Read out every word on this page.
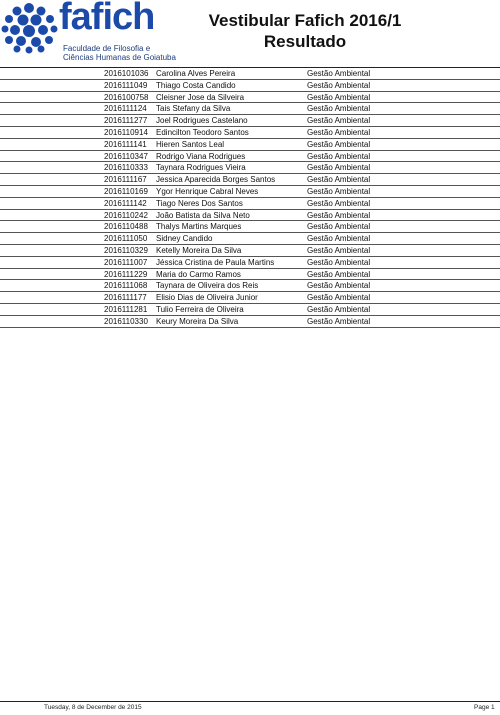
fafich
Faculdade de Filosofia e
Ciências Humanas de Goiatuba
Vestibular Fafich 2016/1
Resultado
2016101036 Carolina Alves Pereira	Gestão Ambiental
2016111049 Thiago Costa Candido	Gestão Ambiental
2016100758 Cleisner Jose da Silveira	Gestão Ambiental
2016111124 Tais Stefany da Silva	Gestão Ambiental
2016111277 Joel Rodrigues Castelano	Gestão Ambiental
2016110914 Edincilton Teodoro Santos	Gestão Ambiental
2016111141 Hieren Santos Leal	Gestão Ambiental
2016110347 Rodrigo Viana Rodrigues	Gestão Ambiental
2016110333 Taynara Rodrigues Vieira	Gestão Ambiental
2016111167 Jessica Aparecida Borges Santos	Gestão Ambiental
2016110169 Ygor Henrique Cabral Neves	Gestão Ambiental
2016111142 Tiago Neres Dos Santos	Gestão Ambiental
2016110242 João Batista da Silva Neto	Gestão Ambiental
2016110488 Thalys Martins Marques	Gestão Ambiental
2016111050 Sidney Candido	Gestão Ambiental
2016110329 Ketelly Moreira Da Silva	Gestão Ambiental
2016111007 Jéssica Cristina de Paula Martins	Gestão Ambiental
2016111229 Maria do Carmo Ramos	Gestão Ambiental
2016111068 Taynara de Oliveira dos Reis	Gestão Ambiental
2016111177 Elisio Dias de Oliveira Junior	Gestão Ambiental
2016111281 Tulio Ferreira de Oliveira	Gestão Ambiental
2016110330 Keury Moreira Da Silva	Gestão Ambiental
Tuesday, 8 de December de 2015	Page 1
